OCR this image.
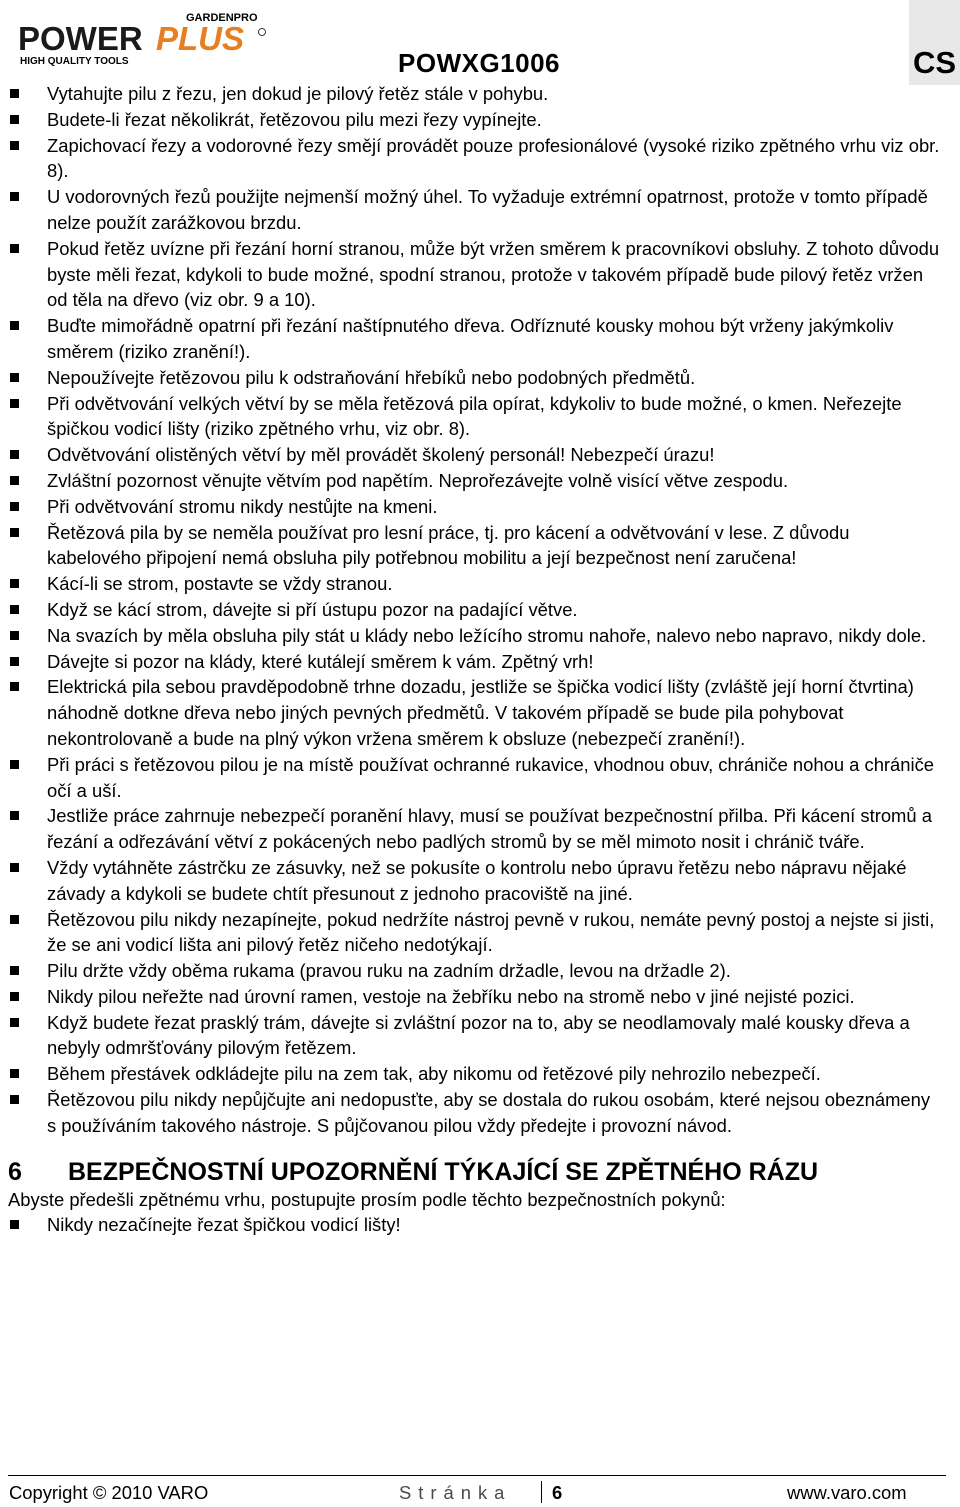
GARDENPRO
POWER PLUS
HIGH QUALITY TOOLS	POWXG1006	CS
Vytahujte pilu z řezu, jen dokud je pilový řetěz stále v pohybu.
Budete-li řezat několikrát, řetězovou pilu mezi řezy vypínejte.
Zapichovací řezy a vodorovné řezy smějí provádět pouze profesionálové (vysoké riziko zpětného vrhu viz obr. 8).
U vodorovných řezů použijte nejmenší možný úhel. To vyžaduje extrémní opatrnost, protože v tomto případě nelze použít zarážkovou brzdu.
Pokud řetěz uvízne při řezání horní stranou, může být vržen směrem k pracovníkovi obsluhy. Z tohoto důvodu byste měli řezat, kdykoli to bude možné, spodní stranou, protože v takovém případě bude pilový řetěz vržen od těla na dřevo (viz obr. 9 a 10).
Buďte mimořádně opatrní při řezání naštípnutého dřeva. Odříznuté kousky mohou být vrženy jakýmkoliv směrem (riziko zranění!).
Nepoužívejte řetězovou pilu k odstraňování hřebíků nebo podobných předmětů.
Při odvětvování velkých větví by se měla řetězová pila opírat, kdykoliv to bude možné, o kmen. Neřezejte špičkou vodicí lišty (riziko zpětného vrhu, viz obr. 8).
Odvětvování olistěných větví by měl provádět školený personál! Nebezpečí úrazu!
Zvláštní pozornost věnujte větvím pod napětím. Neprořezávejte volně visící větve zespodu.
Při odvětvování stromu nikdy nestůjte na kmeni.
Řetězová pila by se neměla používat pro lesní práce, tj. pro kácení a odvětvování v lese. Z důvodu kabelového připojení nemá obsluha pily potřebnou mobilitu a její bezpečnost není zaručena!
Kácí-li se strom, postavte se vždy stranou.
Když se kácí strom, dávejte si pří ústupu pozor na padající větve.
Na svazích by měla obsluha pily stát u klády nebo ležícího stromu nahoře, nalevo nebo napravo, nikdy dole.
Dávejte si pozor na klády, které kutálejí směrem k vám. Zpětný vrh!
Elektrická pila sebou pravděpodobně trhne dozadu, jestliže se špička vodicí lišty (zvláště její horní čtvrtina) náhodně dotkne dřeva nebo jiných pevných předmětů. V takovém případě se bude pila pohybovat nekontrolovaně a bude na plný výkon vržena směrem k obsluze (nebezpečí zranění!).
Při práci s řetězovou pilou je na místě používat ochranné rukavice, vhodnou obuv, chrániče nohou a chrániče očí a uší.
Jestliže práce zahrnuje nebezpečí poranění hlavy, musí se používat bezpečnostní přilba. Při kácení stromů a řezání a odřezávání větví z pokácených nebo padlých stromů by se měl mimoto nosit i chránič tváře.
Vždy vytáhněte zástrčku ze zásuvky, než se pokusíte o kontrolu nebo úpravu řetězu nebo nápravu nějaké závady a kdykoli se budete chtít přesunout z jednoho pracoviště na jiné.
Řetězovou pilu nikdy nezapínejte, pokud nedržíte nástroj pevně v rukou, nemáte pevný postoj a nejste si jisti, že se ani vodicí lišta ani pilový řetěz ničeho nedotýkají.
Pilu držte vždy oběma rukama (pravou ruku na zadním držadle, levou na držadle 2).
Nikdy pilou neřežte nad úrovní ramen, vestoje na žebříku nebo na stromě nebo v jiné nejisté pozici.
Když budete řezat prasklý trám, dávejte si zvláštní pozor na to, aby se neodlamovaly malé kousky dřeva a nebyly odmršťovány pilovým řetězem.
Během přestávek odkládejte pilu na zem tak, aby nikomu od řetězové pily nehrozilo nebezpečí.
Řetězovou pilu nikdy nepůjčujte ani nedopusťte, aby se dostala do rukou osobám, které nejsou obeznámeny s používáním takového nástroje. S půjčovanou pilou vždy předejte i provozní návod.
6 BEZPEČNOSTNÍ UPOZORNĚNÍ TÝKAJÍCÍ SE ZPĚTNÉHO RÁZU
Abyste předešli zpětnému vrhu, postupujte prosím podle těchto bezpečnostních pokynů:
Nikdy nezačínejte řezat špičkou vodicí lišty!
Copyright © 2010 VARO	Stránka 6	www.varo.com
